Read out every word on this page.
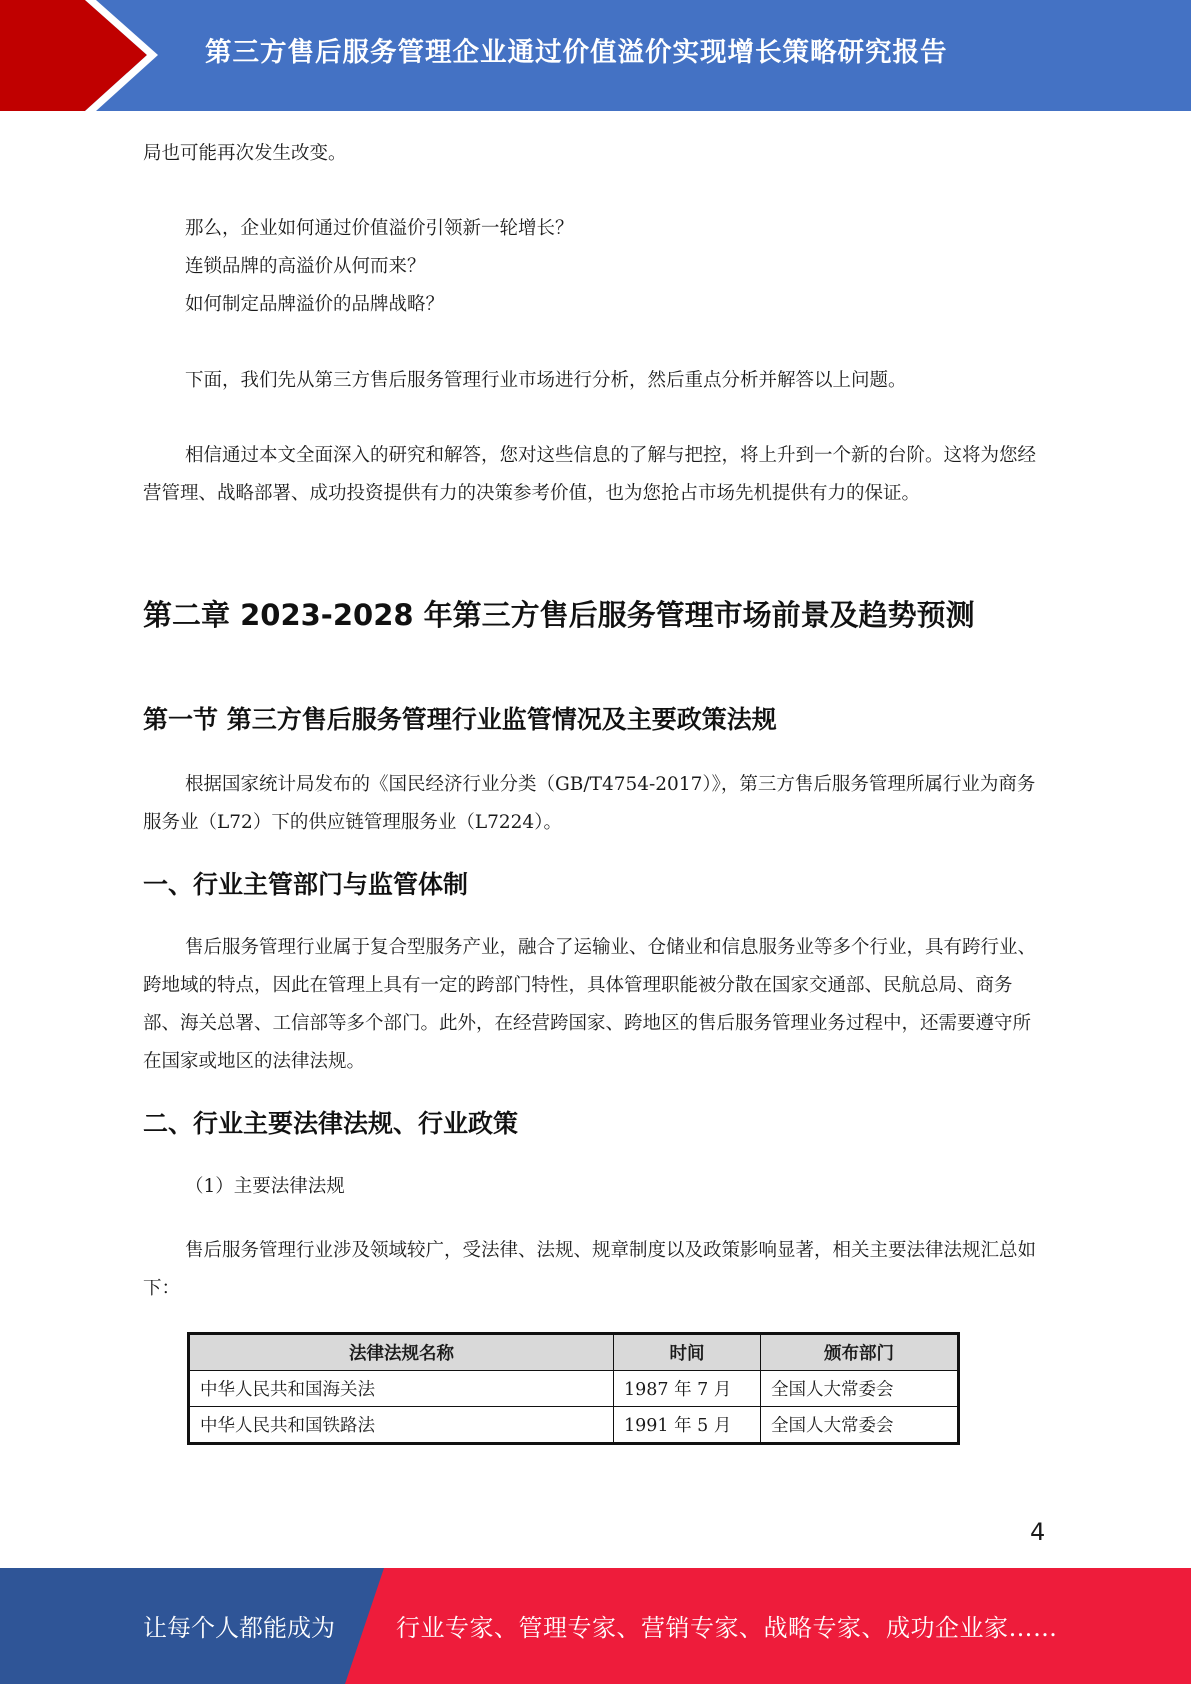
第三方售后服务管理企业通过价值溢价实现增长策略研究报告

局也可能再次发生改变。

那么，企业如何通过价值溢价引领新一轮增长？

连锁品牌的高溢价从何而来？

如何制定品牌溢价的品牌战略？

下面，我们先从第三方售后服务管理行业市场进行分析，然后重点分析并解答以上问题。

相信通过本文全面深入的研究和解答，您对这些信息的了解与把控，将上升到一个新的台阶。这将为您经营管理、战略部署、成功投资提供有力的决策参考价值，也为您抢占市场先机提供有力的保证。

第二章 2023-2028 年第三方售后服务管理市场前景及趋势预测
第一节 第三方售后服务管理行业监管情况及主要政策法规

根据国家统计局发布的《国民经济行业分类（GB/T4754-2017）》，第三方售后服务管理所属行业为商务服务业（L72）下的供应链管理服务业（L7224）。

一、行业主管部门与监管体制

售后服务管理行业属于复合型服务产业，融合了运输业、仓储业和信息服务业等多个行业，具有跨行业、跨地域的特点，因此在管理上具有一定的跨部门特性，具体管理职能被分散在国家交通部、民航总局、商务部、海关总署、工信部等多个部门。此外，在经营跨国家、跨地区的售后服务管理业务过程中，还需要遵守所在国家或地区的法律法规。

二、行业主要法律法规、行业政策

（1）主要法律法规

售后服务管理行业涉及领域较广，受法律、法规、规章制度以及政策影响显著，相关主要法律法规汇总如下：

法律法规名称	时间	颁布部门
中华人民共和国海关法	1987 年 7 月	全国人大常委会
中华人民共和国铁路法	1991 年 5 月	全国人大常委会
4
让每个人都能成为	行业专家、管理专家、营销专家、战略专家、成功企业家……
